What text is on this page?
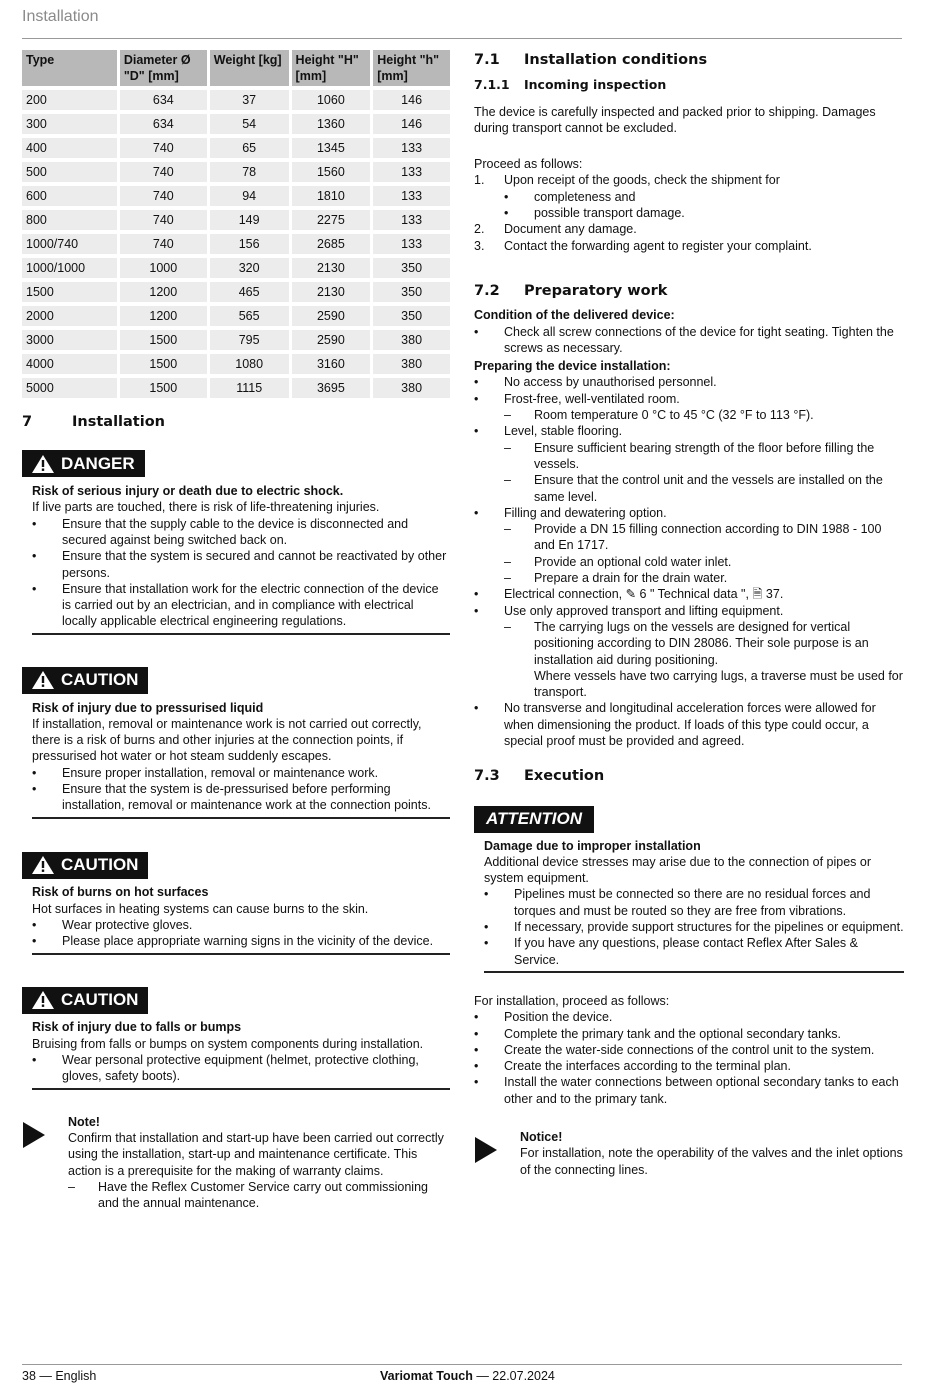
Installation
Type	Diameter Ø "D" [mm]	Weight [kg]	Height "H" [mm]	Height "h" [mm]
200	634	37	1060	146
300	634	54	1360	146
400	740	65	1345	133
500	740	78	1560	133
600	740	94	1810	133
800	740	149	2275	133
1000/740	740	156	2685	133
1000/1000	1000	320	2130	350
1500	1200	465	2130	350
2000	1200	565	2590	350
3000	1500	795	2590	380
4000	1500	1080	3160	380
5000	1500	1115	3695	380
7	Installation
DANGER
Risk of serious injury or death due to electric shock.
If live parts are touched, there is risk of life-threatening injuries.
•	Ensure that the supply cable to the device is disconnected and secured against being switched back on.
•	Ensure that the system is secured and cannot be reactivated by other persons.
•	Ensure that installation work for the electric connection of the device is carried out by an electrician, and in compliance with electrical locally applicable electrical engineering regulations.
CAUTION
Risk of injury due to pressurised liquid
If installation, removal or maintenance work is not carried out correctly, there is a risk of burns and other injuries at the connection points, if pressurised hot water or hot steam suddenly escapes.
•	Ensure proper installation, removal or maintenance work.
•	Ensure that the system is de-pressurised before performing installation, removal or maintenance work at the connection points.
CAUTION
Risk of burns on hot surfaces
Hot surfaces in heating systems can cause burns to the skin.
•	Wear protective gloves.
•	Please place appropriate warning signs in the vicinity of the device.
CAUTION
Risk of injury due to falls or bumps
Bruising from falls or bumps on system components during installation.
•	Wear personal protective equipment (helmet, protective clothing, gloves, safety boots).
Note!
Confirm that installation and start-up have been carried out correctly using the installation, start-up and maintenance certificate. This action is a prerequisite for the making of warranty claims.
–	Have the Reflex Customer Service carry out commissioning and the annual maintenance.
7.1	Installation conditions
7.1.1	Incoming inspection
The device is carefully inspected and packed prior to shipping. Damages during transport cannot be excluded.
Proceed as follows:
1.	Upon receipt of the goods, check the shipment for
•	completeness and
•	possible transport damage.
2.	Document any damage.
3.	Contact the forwarding agent to register your complaint.
7.2	Preparatory work
Condition of the delivered device:
•	Check all screw connections of the device for tight seating. Tighten the screws as necessary.
Preparing the device installation:
•	No access by unauthorised personnel.
•	Frost-free, well-ventilated room.
–	Room temperature 0 °C to 45 °C (32 °F to 113 °F).
•	Level, stable flooring.
–	Ensure sufficient bearing strength of the floor before filling the vessels.
–	Ensure that the control unit and the vessels are installed on the same level.
•	Filling and dewatering option.
–	Provide a DN 15 filling connection according to DIN 1988 - 100 and En 1717.
–	Provide an optional cold water inlet.
–	Prepare a drain for the drain water.
•	Electrical connection, ✎ 6 " Technical data ", 🗎 37.
•	Use only approved transport and lifting equipment.
–	The carrying lugs on the vessels are designed for vertical positioning according to DIN 28086. Their sole purpose is an installation aid during positioning.
Where vessels have two carrying lugs, a traverse must be used for transport.
•	No transverse and longitudinal acceleration forces were allowed for when dimensioning the product. If loads of this type could occur, a special proof must be provided and agreed.
7.3	Execution
ATTENTION
Damage due to improper installation
Additional device stresses may arise due to the connection of pipes or system equipment.
•	Pipelines must be connected so there are no residual forces and torques and must be routed so they are free from vibrations.
•	If necessary, provide support structures for the pipelines or equipment.
•	If you have any questions, please contact Reflex After Sales & Service.
For installation, proceed as follows:
•	Position the device.
•	Complete the primary tank and the optional secondary tanks.
•	Create the water-side connections of the control unit to the system.
•	Create the interfaces according to the terminal plan.
•	Install the water connections between optional secondary tanks to each other and to the primary tank.
Notice!
For installation, note the operability of the valves and the inlet options of the connecting lines.
38 — English	Variomat Touch — 22.07.2024
